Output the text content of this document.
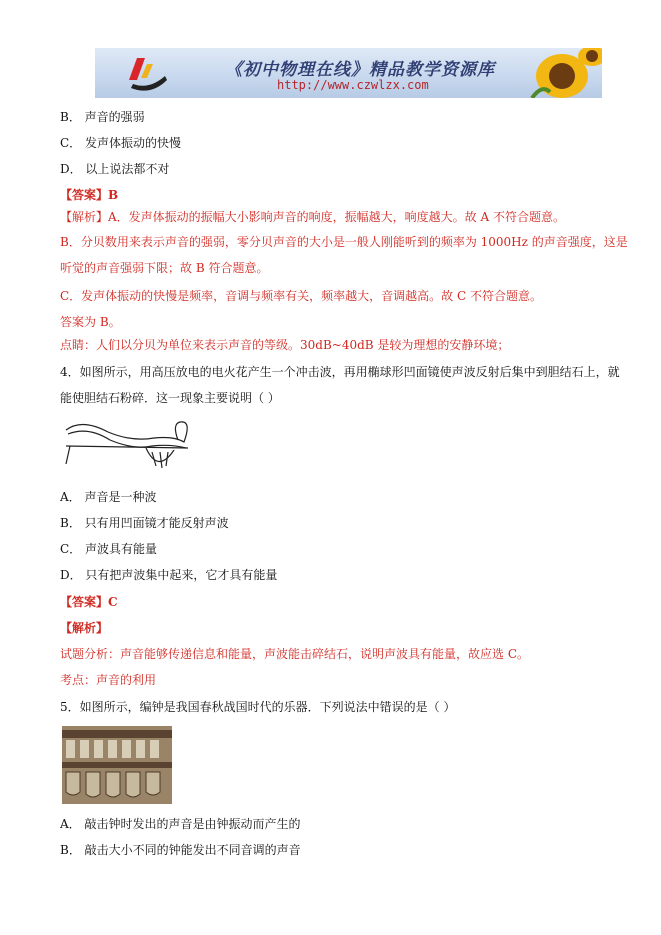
《初中物理在线》精品教学资源库
http://www.czwlzx.com
B． 声音的强弱
C． 发声体振动的快慢
D． 以上说法都不对
【答案】B
【解析】A．发声体振动的振幅大小影响声音的响度，振幅越大，响度越大。故 A 不符合题意。
B．分贝数用来表示声音的强弱，零分贝声音的大小是一般人刚能听到的频率为 1000Hz 的声音强度，这是
听觉的声音强弱下限；故 B 符合题意。
C．发声体振动的快慢是频率，音调与频率有关，频率越大，音调越高。故 C 不符合题意。
答案为 B。
点睛：人们以分贝为单位来表示声音的等级。30dB~40dB 是较为理想的安静环境；
4．如图所示，用高压放电的电火花产生一个冲击波，再用椭球形凹面镜使声波反射后集中到胆结石上，就
能使胆结石粉碎．这一现象主要说明（ ）
A． 声音是一种波
B． 只有用凹面镜才能反射声波
C． 声波具有能量
D． 只有把声波集中起来，它才具有能量
【答案】C
【解析】
试题分析：声音能够传递信息和能量，声波能击碎结石，说明声波具有能量，故应选 C。
考点：声音的利用
5．如图所示，编钟是我国春秋战国时代的乐器．下列说法中错误的是（ ）
A． 敲击钟时发出的声音是由钟振动而产生的
B． 敲击大小不同的钟能发出不同音调的声音
